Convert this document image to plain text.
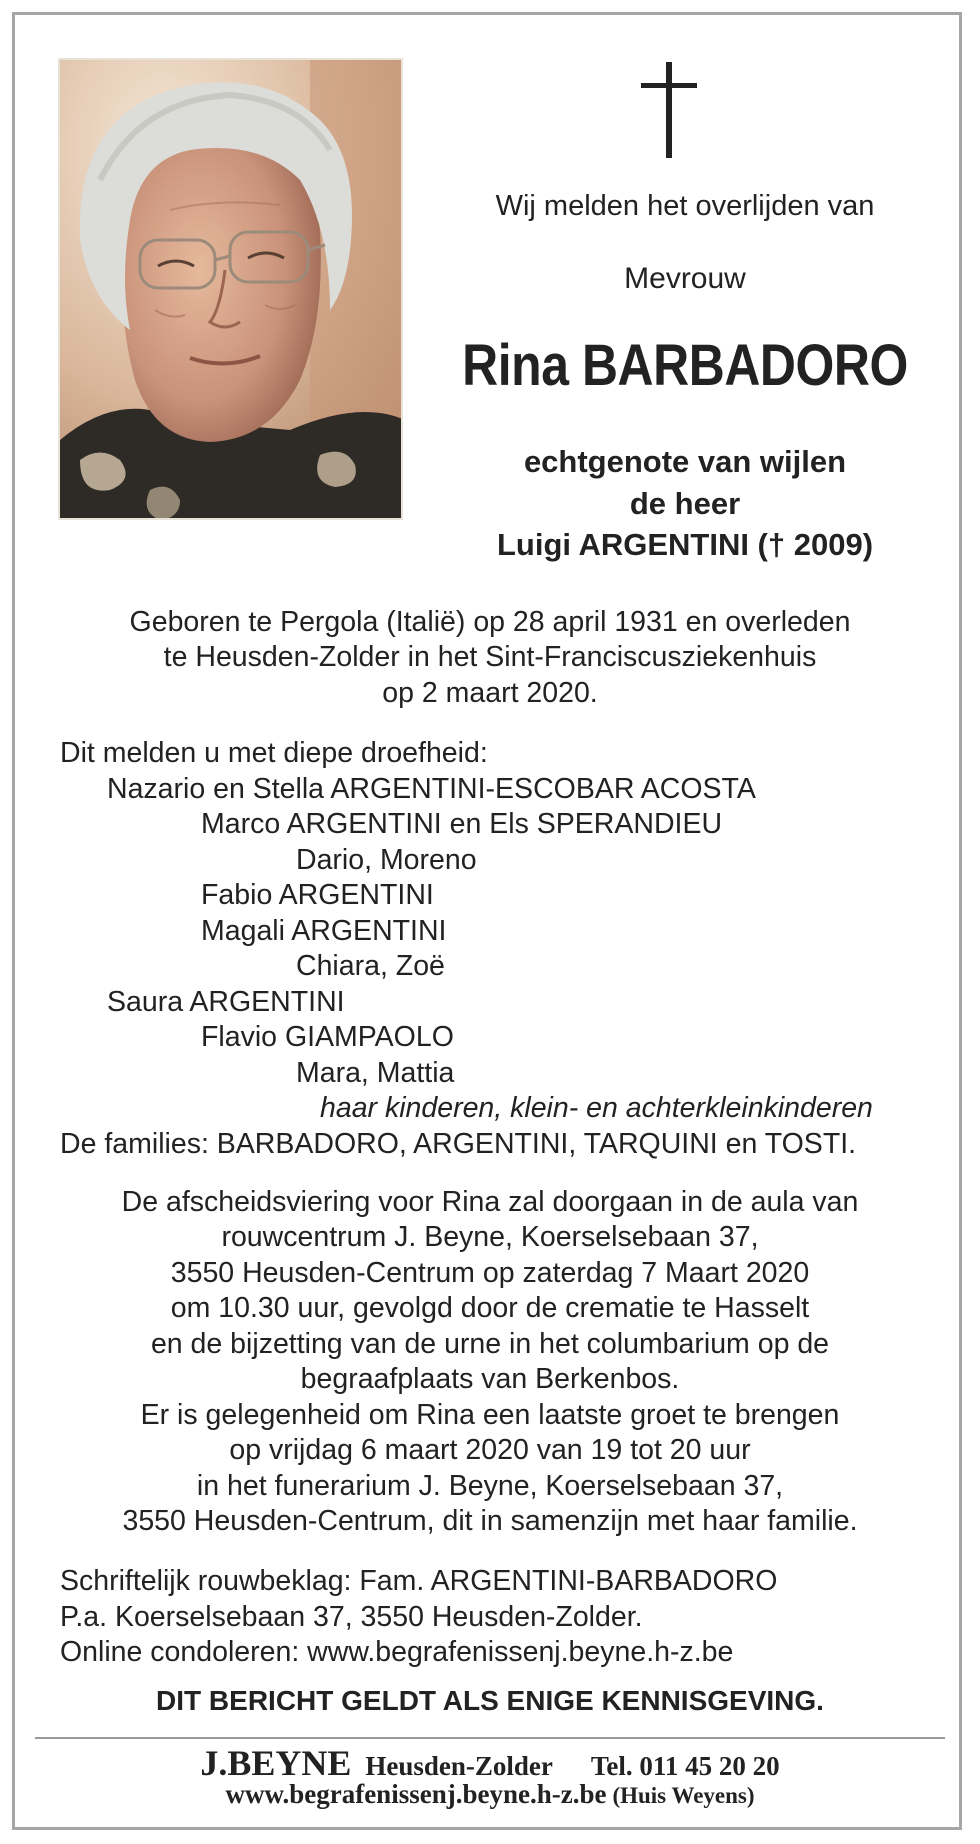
Wij melden het overlijden van
Mevrouw
Rina BARBADORO
echtgenote van wijlen
de heer
Luigi ARGENTINI († 2009)
Geboren te Pergola (Italië) op 28 april 1931 en overleden
te Heusden-Zolder in het Sint-Franciscusziekenhuis
op 2 maart 2020.
Dit melden u met diepe droefheid:
Nazario en Stella ARGENTINI-ESCOBAR ACOSTA
Marco ARGENTINI en Els SPERANDIEU
Dario, Moreno
Fabio ARGENTINI
Magali ARGENTINI
Chiara, Zoë
Saura ARGENTINI
Flavio GIAMPAOLO
Mara, Mattia
haar kinderen, klein- en achterkleinkinderen
De families: BARBADORO, ARGENTINI, TARQUINI en TOSTI.
De afscheidsviering voor Rina zal doorgaan in de aula van
rouwcentrum J. Beyne, Koerselsebaan 37,
3550 Heusden-Centrum op zaterdag 7 Maart 2020
om 10.30 uur, gevolgd door de crematie te Hasselt
en de bijzetting van de urne in het columbarium op de
begraafplaats van Berkenbos.
Er is gelegenheid om Rina een laatste groet te brengen
op vrijdag 6 maart 2020 van 19 tot 20 uur
in het funerarium J. Beyne, Koerselsebaan 37,
3550 Heusden-Centrum, dit in samenzijn met haar familie.
Schriftelijk rouwbeklag: Fam. ARGENTINI-BARBADORO
P.a. Koerselsebaan 37, 3550 Heusden-Zolder.
Online condoleren: www.begrafenissenj.beyne.h-z.be
DIT BERICHT GELDT ALS ENIGE KENNISGEVING.
J.BEYNE Heusden-Zolder Tel. 011 45 20 20
www.begrafenissenj.beyne.h-z.be (Huis Weyens)
